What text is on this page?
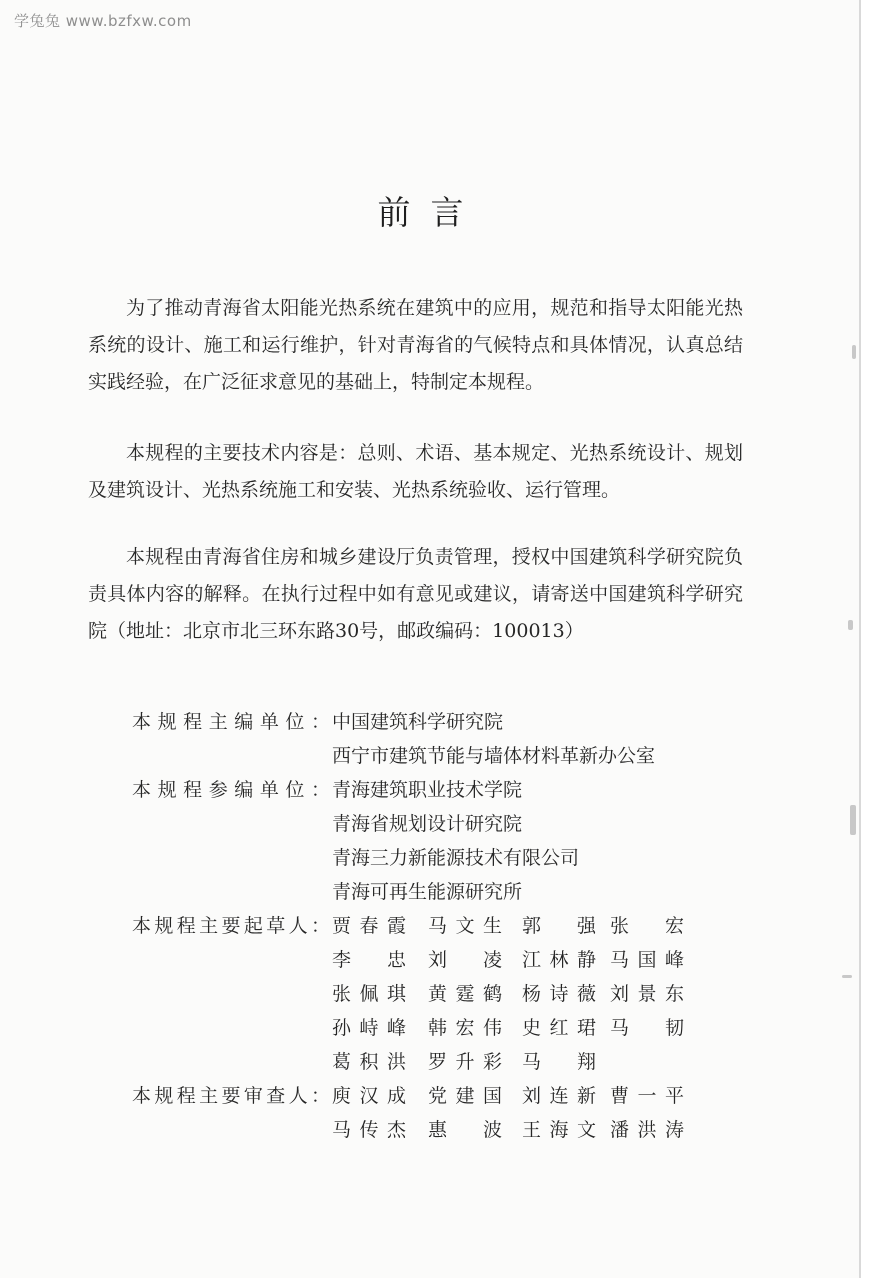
学兔兔 www.bzfxw.com
前言

为了推动青海省太阳能光热系统在建筑中的应用，规范和指导太阳能光热系统的设计、施工和运行维护，针对青海省的气候特点和具体情况，认真总结实践经验，在广泛征求意见的基础上，特制定本规程。

本规程的主要技术内容是：总则、术语、基本规定、光热系统设计、规划及建筑设计、光热系统施工和安装、光热系统验收、运行管理。

本规程由青海省住房和城乡建设厅负责管理，授权中国建筑科学研究院负责具体内容的解释。在执行过程中如有意见或建议，请寄送中国建筑科学研究院（地址：北京市北三环东路30号，邮政编码：100013）

本规程主编单位： 中国建筑科学研究院
西宁市建筑节能与墙体材料革新办公室
本规程参编单位： 青海建筑职业技术学院
青海省规划设计研究院
青海三力新能源技术有限公司
青海可再生能源研究所
本规程主要起草人： 贾春霞 马文生 郭强 张宏
李忠 刘凌 江林静 马国峰
张佩琪 黄霆鹤 杨诗薇 刘景东
孙峙峰 韩宏伟 史红珺 马韧
葛积洪 罗升彩 马翔
本规程主要审查人： 庾汉成 党建国 刘连新 曹一平
马传杰 惠波 王海文 潘洪涛
